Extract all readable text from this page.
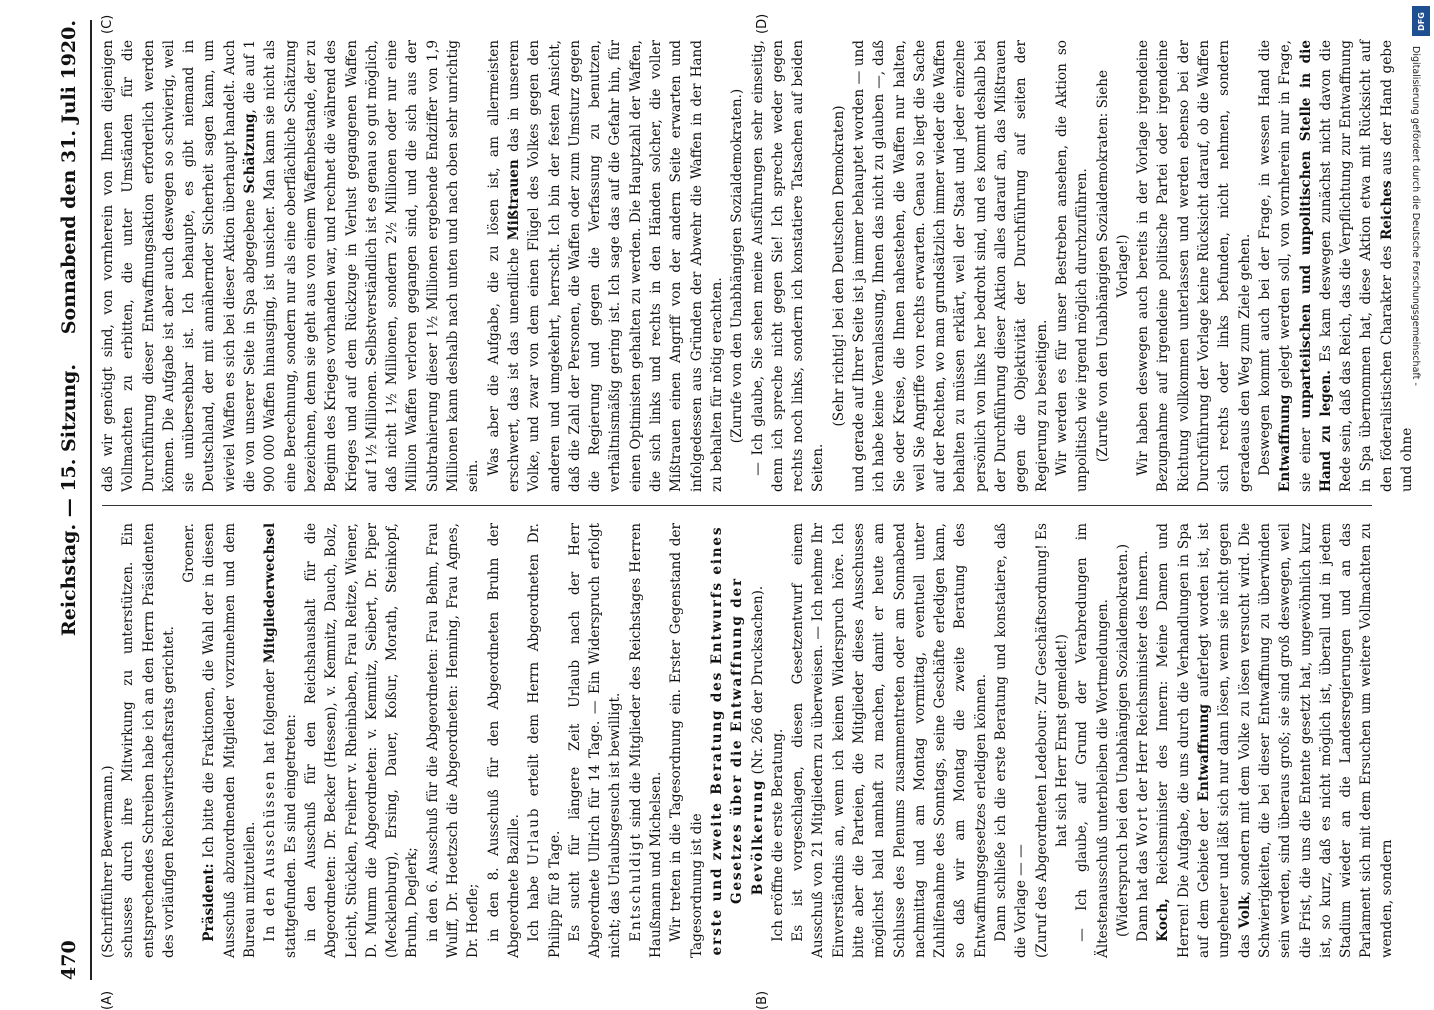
470
Reichstag. — 15. Sitzung.
Sonnabend den 31. Juli 1920.
(A)	(B)
(C)	(D)

(Schriftführer Bewermann.) schusses durch ihre Mitwirkung zu unterstützen. Ein entsprechendes Schreiben habe ich an den Herrn Präsidenten des vorläufigen Reichswirtschaftsrats gerichtet.

Groener.

Präsident: Ich bitte die Fraktionen, die Wahl der in diesen Ausschuß abzuordnenden Mitglieder vorzunehmen und dem Bureau mitzuteilen. In den Ausschüssen hat folgender Mitgliederwechsel stattgefunden. Es sind eingetreten: in den Ausschuß für den Reichshaushalt für die Abgeordneten: Dr. Becker (Hessen), v. Kemnitz, Dauch, Bolz, Leicht, Stücklen, Freiherr v. Rheinbaben, Frau Reitze, Wiener, D. Mumm die Abgeordneten: v. Kemnitz, Seibert, Dr. Piper (Mecklenburg), Ersing, Dauer, Koßur, Morath, Steinkopf, Bruhn, Deglerk; in den 6. Ausschuß für die Abgeordneten: Frau Behm, Frau Wulff, Dr. Hoetzsch die Abgeordneten: Henning, Frau Agnes, Dr. Hoefle; in den 8. Ausschuß für den Abgeordneten Bruhn der Abgeordnete Bazille. Ich habe Urlaub erteilt dem Herrn Abgeordneten Dr. Philipp für 8 Tage. Es sucht für längere Zeit Urlaub nach der Herr Abgeordnete Ullrich für 14 Tage. — Ein Widerspruch erfolgt nicht; das Urlaubsgesuch ist bewilligt. Entschuldigt sind die Mitglieder des Reichstages Herren Haußmann und Michelsen. Wir treten in die Tagesordnung ein. Erster Gegenstand der Tagesordnung ist die erste und zweite Beratung des Entwurfs eines Gesetzes über die Entwaffnung der Bevölkerung (Nr. 266 der Drucksachen).

Ich eröffne die erste Beratung. Es ist vorgeschlagen, diesen Gesetzentwurf einem Ausschuß von 21 Mitgliedern zu überweisen. — Ich nehme Ihr Einverständnis an, wenn ich keinen Widerspruch höre. Ich bitte aber die Parteien, die Mitglieder dieses Ausschusses möglichst bald namhaft zu machen, damit er heute am Schlusse des Plenums zusammentreten oder am Sonnabend nachmittag und am Montag vormittag, eventuell unter Zuhilfenahme des Sonntags, seine Geschäfte erledigen kann, so daß wir am Montag die zweite Beratung des Entwaffnungsgesetzes erledigen können. Dann schließe ich die erste Beratung und konstatiere, daß die Vorlage — — (Zuruf des Abgeordneten Ledebour: Zur Geschäftsordnung! Es hat sich Herr Ernst gemeldet!) — Ich glaube, auf Grund der Verabredungen im Ältestenausschuß unterbleiben die Wortmeldungen. (Widerspruch bei den Unabhängigen Sozialdemokraten.) Dann hat das Wort der Herr Reichsminister des Innern.

Koch, Reichsminister des Innern: Meine Damen und Herren! Die Aufgabe, die uns durch die Verhandlungen in Spa auf dem Gebiete der Entwaffnung auferlegt worden ist, ist ungeheuer und läßt sich nur dann lösen, wenn sie nicht gegen das Volk, sondern mit dem Volke zu lösen versucht wird. Die Schwierigkeiten, die bei dieser Entwaffnung zu überwinden sein werden, sind überaus groß; sie sind groß deswegen, weil die Frist, die uns die Entente gesetzt hat, ungewöhnlich kurz ist, so kurz, daß es nicht möglich ist, überall und in jedem Stadium wieder an die Landesregierungen und an das Parlament sich mit dem Ersuchen um weitere Vollmachten zu wenden, sondern

daß wir genötigt sind, von vornherein von Ihnen diejenigen Vollmachten zu erbitten, die unter Umständen für die Durchführung dieser Entwaffnungsaktion erforderlich werden können. Die Aufgabe ist aber auch deswegen so schwierig, weil sie unübersehbar ist. Ich behaupte, es gibt niemand in Deutschland, der mit annähernder Sicherheit sagen kann, um wieviel Waffen es sich bei dieser Aktion überhaupt handelt. Auch die von unserer Seite in Spa abgegebene Schätzung, die auf 1 900 000 Waffen hinausging, ist unsicher. Man kann sie nicht als eine Berechnung, sondern nur als eine oberflächliche Schätzung bezeichnen, denn sie geht aus von einem Waffenbestande, der zu Beginn des Krieges vorhanden war, und rechnet die während des Krieges und auf dem Rückzuge in Verlust gegangenen Waffen auf 1½ Millionen. Selbstverständlich ist es genau so gut möglich, daß nicht 1½ Millionen, sondern 2½ Millionen oder nur eine Million Waffen verloren gegangen sind, und die sich aus der Subtrahierung dieser 1½ Millionen ergebende Endziffer von 1,9 Millionen kann deshalb nach unten und nach oben sehr unrichtig sein.

Was aber die Aufgabe, die zu lösen ist, am allermeisten erschwert, das ist das unendliche Mißtrauen das in unserem Volke, und zwar von dem einen Flügel des Volkes gegen den anderen und umgekehrt, herrscht. Ich bin der festen Ansicht, daß die Zahl der Personen, die Waffen oder zum Umsturz gegen die Regierung und gegen die Verfassung zu benutzen, verhältnismäßig gering ist. Ich sage das auf die Gefahr hin, für einen Optimisten gehalten zu werden. Die Hauptzahl der Waffen, die sich links und rechts in den Händen solcher, die voller Mißtrauen einen Angriff von der andern Seite erwarten und infolgedessen aus Gründen der Abwehr die Waffen in der Hand zu behalten für nötig erachten. (Zurufe von den Unabhängigen Sozialdemokraten.) — Ich glaube, Sie sehen meine Ausführungen sehr einseitig, denn ich spreche nicht gegen Sie! Ich spreche weder gegen rechts noch links, sondern ich konstatiere Tatsachen auf beiden Seiten.

(Sehr richtig! bei den Deutschen Demokraten) und gerade auf Ihrer Seite ist ja immer behauptet worden — und ich habe keine Veranlassung, Ihnen das nicht zu glauben —, daß Sie oder Kreise, die Ihnen nahestehen, die Waffen nur halten, weil Sie Angriffe von rechts erwarten. Genau so liegt die Sache auf der Rechten, wo man grundsätzlich immer wieder die Waffen behalten zu müssen erklärt, weil der Staat und jeder einzelne persönlich von links her bedroht sind, und es kommt deshalb bei der Durchführung dieser Aktion alles darauf an, das Mißtrauen gegen die Objektivität der Durchführung auf seiten der Regierung zu beseitigen. Wir werden es für unser Bestreben ansehen, die Aktion so unpolitisch wie irgend möglich durchzuführen. (Zurufe von den Unabhängigen Sozialdemokraten: Siehe Vorlage!) Wir haben deswegen auch bereits in der Vorlage irgendeine Bezugnahme auf irgendeine politische Partei oder irgendeine Richtung vollkommen unterlassen und werden ebenso bei der Durchführung der Vorlage keine Rücksicht darauf, ob die Waffen sich rechts oder links befunden, nicht nehmen, sondern geradeaus den Weg zum Ziele gehen. Deswegen kommt auch bei der Frage, in wessen Hand die Entwaffnung gelegt werden soll, von vornherein nur in Frage, sie einer unparteiischen und unpolitischen Stelle in die Hand zu legen. Es kam deswegen zunächst nicht davon die Rede sein, daß das Reich, das die Verpflichtung zur Entwaffnung in Spa übernommen hat, diese Aktion etwa mit Rücksicht auf den föderalistischen Charakter des Reiches aus der Hand gebe und ohne

DFG
Digitalisierung gefördert durch die Deutsche Forschungsgemeinschaft -
